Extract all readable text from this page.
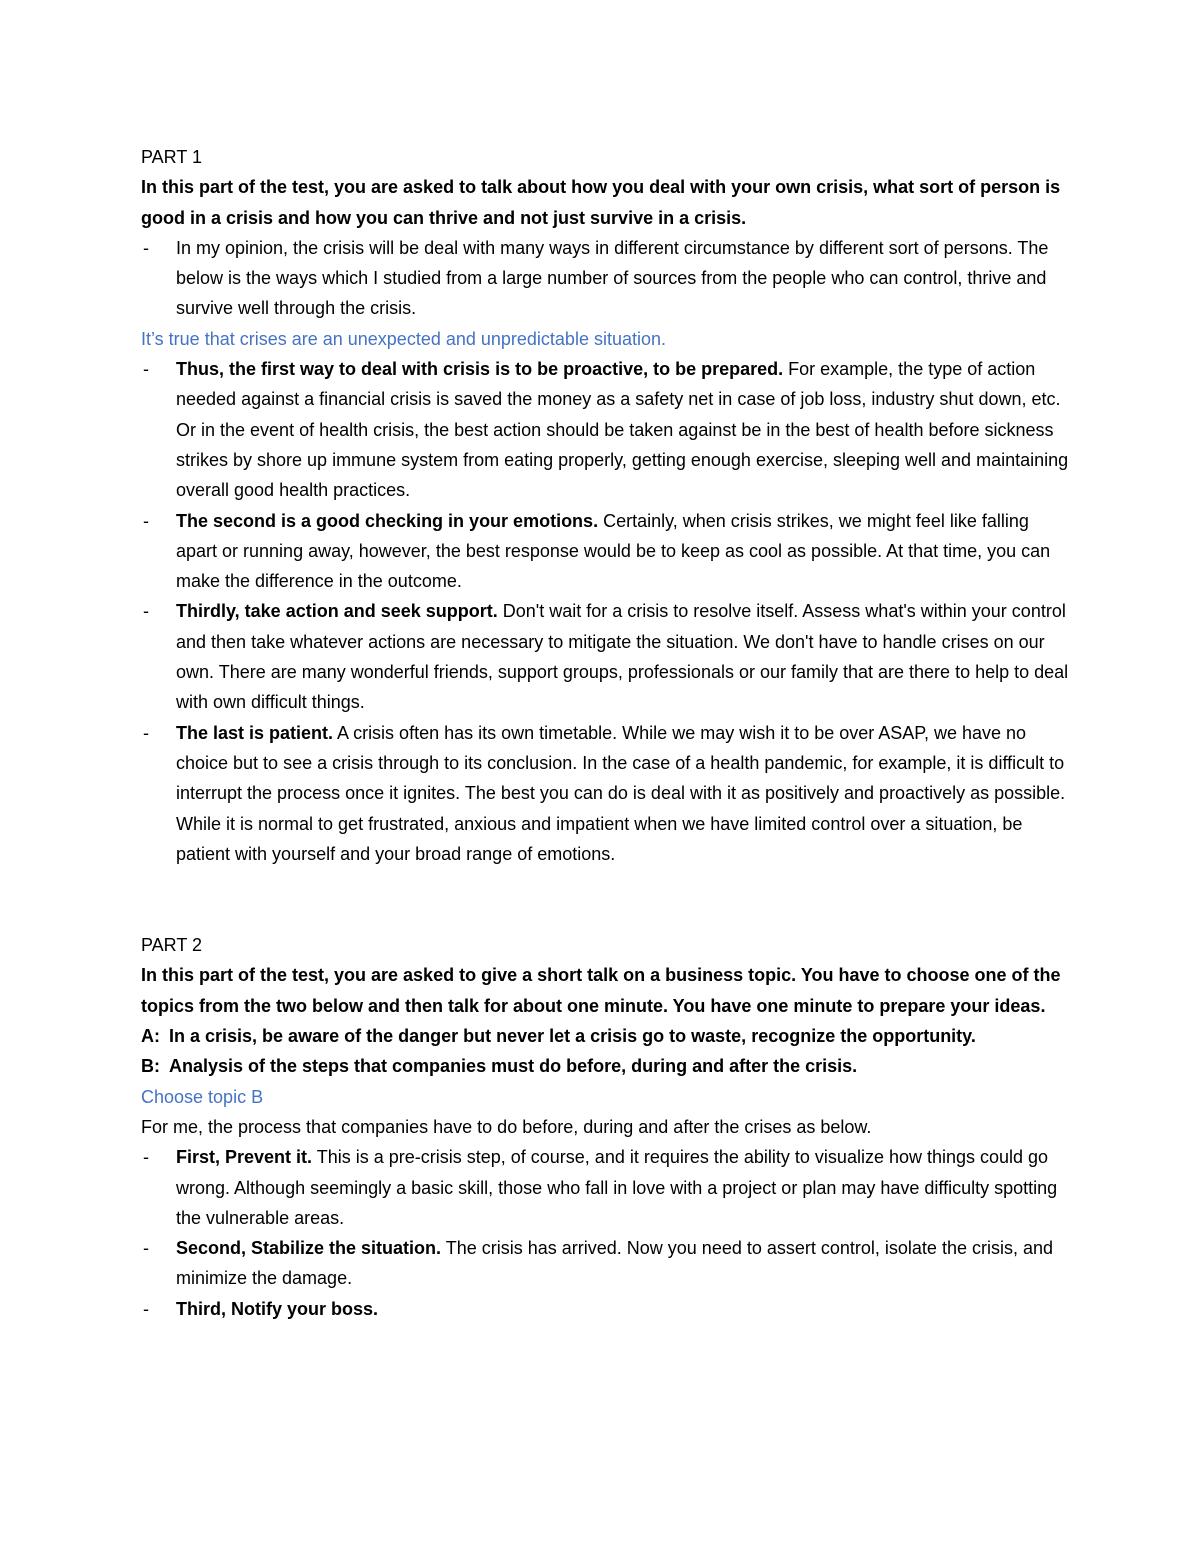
PART 1

In this part of the test, you are asked to talk about how you deal with your own crisis, what sort of person is good in a crisis and how you can thrive and not just survive in a crisis.

- In my opinion, the crisis will be deal with many ways in different circumstance by different sort of persons. The below is the ways which I studied from a large number of sources from the people who can control, thrive and survive well through the crisis.

It’s true that crises are an unexpected and unpredictable situation.

- Thus, the first way to deal with crisis is to be proactive, to be prepared. For example, the type of action needed against a financial crisis is saved the money as a safety net in case of job loss, industry shut down, etc. Or in the event of health crisis, the best action should be taken against be in the best of health before sickness strikes by shore up immune system from eating properly, getting enough exercise, sleeping well and maintaining overall good health practices.
- The second is a good checking in your emotions. Certainly, when crisis strikes, we might feel like falling apart or running away, however, the best response would be to keep as cool as possible. At that time, you can make the difference in the outcome.
- Thirdly, take action and seek support. Don't wait for a crisis to resolve itself. Assess what's within your control and then take whatever actions are necessary to mitigate the situation. We don't have to handle crises on our own. There are many wonderful friends, support groups, professionals or our family that are there to help to deal with own difficult things.
- The last is patient. A crisis often has its own timetable. While we may wish it to be over ASAP, we have no choice but to see a crisis through to its conclusion. In the case of a health pandemic, for example, it is difficult to interrupt the process once it ignites. The best you can do is deal with it as positively and proactively as possible. While it is normal to get frustrated, anxious and impatient when we have limited control over a situation, be patient with yourself and your broad range of emotions.
PART 2

In this part of the test, you are asked to give a short talk on a business topic. You have to choose one of the topics from the two below and then talk for about one minute. You have one minute to prepare your ideas.

A: In a crisis, be aware of the danger but never let a crisis go to waste, recognize the opportunity.

B: Analysis of the steps that companies must do before, during and after the crisis.

Choose topic B

For me, the process that companies have to do before, during and after the crises as below.

- First, Prevent it. This is a pre-crisis step, of course, and it requires the ability to visualize how things could go wrong. Although seemingly a basic skill, those who fall in love with a project or plan may have difficulty spotting the vulnerable areas.
- Second, Stabilize the situation. The crisis has arrived. Now you need to assert control, isolate the crisis, and minimize the damage.
- Third, Notify your boss.
